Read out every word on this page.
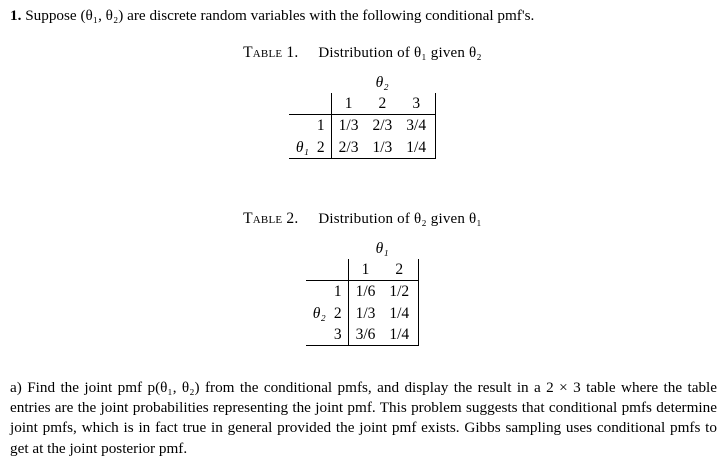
1. Suppose (θ₁, θ₂) are discrete random variables with the following conditional pmf's.
Table 1. Distribution of θ₁ given θ₂
		θ₂			
		1	2	3	
	1	1/3	2/3	3/4	
θ₁	2	2/3	1/3	1/4	
Table 2. Distribution of θ₂ given θ₁
		θ₁		
		1	2	
	1	1/6	1/2	
θ₂	2	1/3	1/4	
	3	3/6	1/4	
a) Find the joint pmf p(θ₁, θ₂) from the conditional pmfs, and display the result in a 2 × 3 table where the table entries are the joint probabilities representing the joint pmf. This problem suggests that conditional pmfs determine joint pmfs, which is in fact true in general provided the joint pmf exists. Gibbs sampling uses conditional pmfs to get at the joint posterior pmf.
